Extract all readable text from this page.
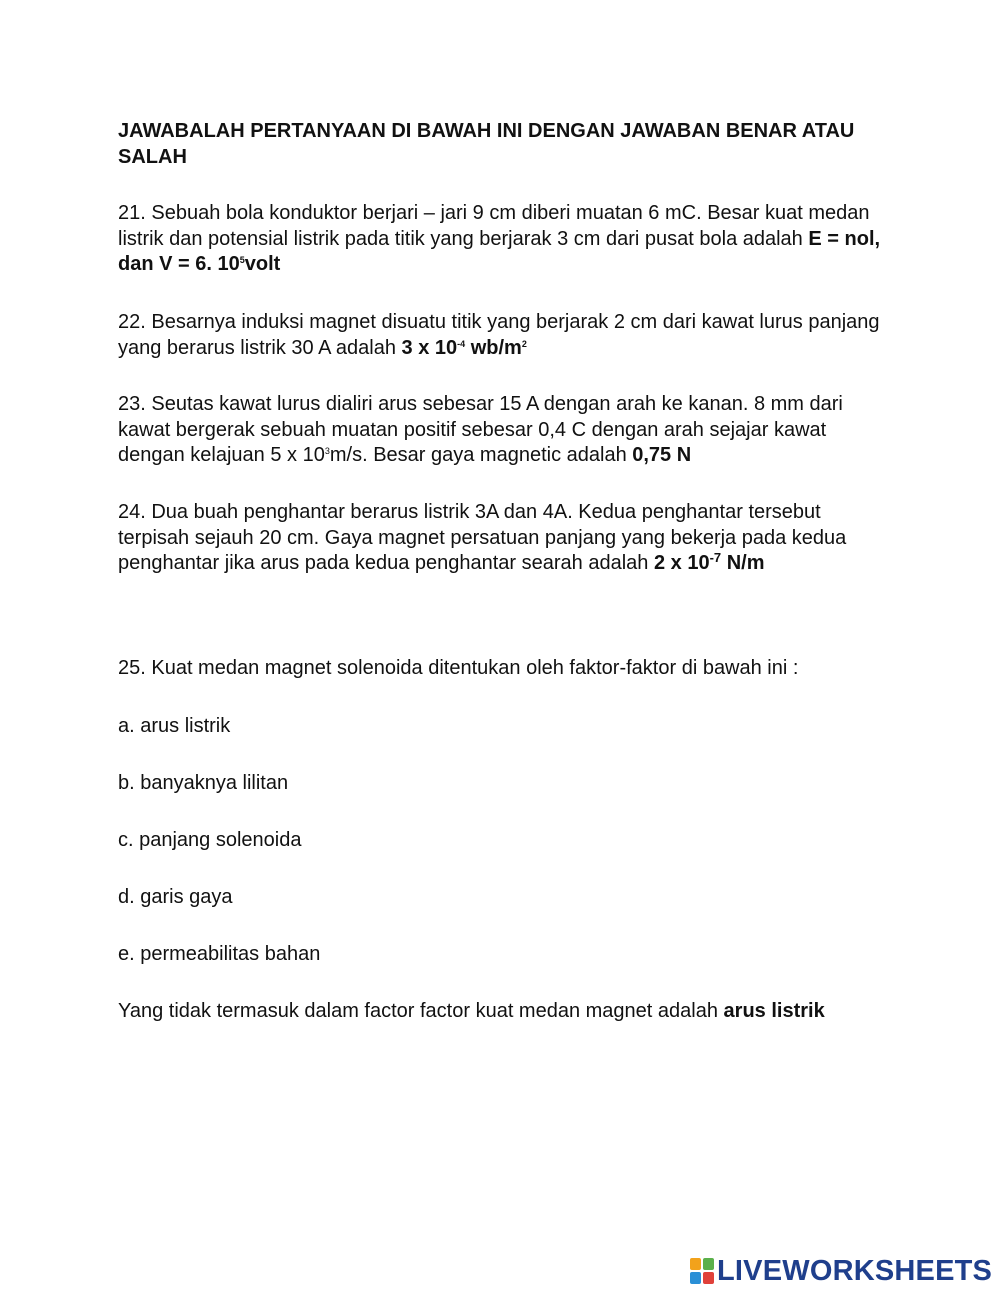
JAWABALAH PERTANYAAN DI BAWAH INI DENGAN JAWABAN BENAR ATAU SALAH

21. Sebuah bola konduktor berjari – jari 9 cm diberi muatan 6 mC. Besar kuat medan listrik dan potensial listrik pada titik yang berjarak 3 cm dari pusat bola adalah E = nol, dan V = 6. $10^5volt$

22. Besarnya induksi magnet disuatu titik yang berjarak 2 cm dari kawat lurus panjang yang berarus listrik 30 A adalah 3 x $10^{-4}$ $wb/m^2$

23. Seutas kawat lurus dialiri arus sebesar 15 A dengan arah ke kanan. 8 mm dari kawat bergerak sebuah muatan positif sebesar 0,4 C dengan arah sejajar kawat dengan kelajuan 5 x $10^3m/s$. Besar gaya magnetic adalah 0,75 N

24. Dua buah penghantar berarus listrik 3A dan 4A. Kedua penghantar tersebut terpisah sejauh 20 cm. Gaya magnet persatuan panjang yang bekerja pada kedua penghantar jika arus pada kedua penghantar searah adalah 2 x $10^{-7}$ N/m

25. Kuat medan magnet solenoida ditentukan oleh faktor-faktor di bawah ini :

a. arus listrik

b. banyaknya lilitan

c. panjang solenoida

d. garis gaya

e. permeabilitas bahan

Yang tidak termasuk dalam factor factor kuat medan magnet adalah arus listrik

LIVEWORKSHEETS
